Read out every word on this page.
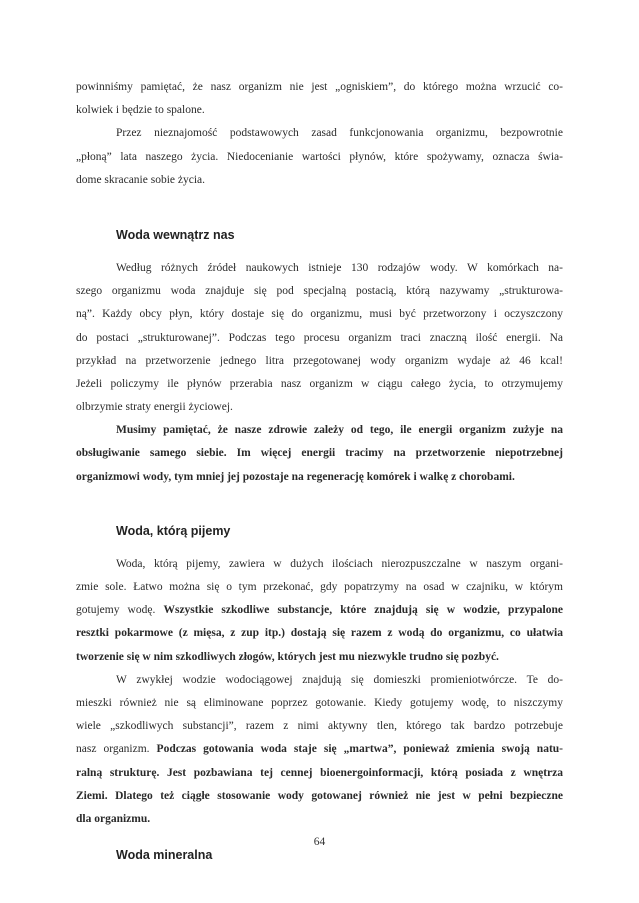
powinniśmy pamiętać, że nasz organizm nie jest „ogniskiem”, do którego można wrzucić co-
kolwiek i będzie to spalone.
Przez nieznajomość podstawowych zasad funkcjonowania organizmu, bezpowrotnie
„płoną” lata naszego życia. Niedocenianie wartości płynów, które spożywamy, oznacza świa-
dome skracanie sobie życia.
Woda wewnątrz nas
Według różnych źródeł naukowych istnieje 130 rodzajów wody. W komórkach na-
szego organizmu woda znajduje się pod specjalną postacią, którą nazywamy „strukturowa-
ną”. Każdy obcy płyn, który dostaje się do organizmu, musi być przetworzony i oczyszczony
do postaci „strukturowanej”. Podczas tego procesu organizm traci znaczną ilość energii. Na
przykład na przetworzenie jednego litra przegotowanej wody organizm wydaje aż 46 kcal!
Jeżeli policzymy ile płynów przerabia nasz organizm w ciągu całego życia, to otrzymujemy
olbrzymie straty energii życiowej.
Musimy pamiętać, że nasze zdrowie zależy od tego, ile energii organizm zużyje na
obsługiwanie samego siebie. Im więcej energii tracimy na przetworzenie niepotrzebnej
organizmowi wody, tym mniej jej pozostaje na regenerację komórek i walkę z chorobami.
Woda, którą pijemy
Woda, którą pijemy, zawiera w dużych ilościach nierozpuszczalne w naszym organi-
zmie sole. Łatwo można się o tym przekonać, gdy popatrzymy na osad w czajniku, w którym
gotujemy wodę. Wszystkie szkodliwe substancje, które znajdują się w wodzie, przypalone
resztki pokarmowe (z mięsa, z zup itp.) dostają się razem z wodą do organizmu, co ułatwia
tworzenie się w nim szkodliwych złogów, których jest mu niezwykle trudno się pozbyć.
W zwykłej wodzie wodociągowej znajdują się domieszki promieniotwórcze. Te do-
mieszki również nie są eliminowane poprzez gotowanie. Kiedy gotujemy wodę, to niszczymy
wiele „szkodliwych substancji”, razem z nimi aktywny tlen, którego tak bardzo potrzebuje
nasz organizm. Podczas gotowania woda staje się „martwa”, ponieważ zmienia swoją natu-
ralną strukturę. Jest pozbawiana tej cennej bioenergoinformacji, którą posiada z wnętrza
Ziemi. Dlatego też ciągłe stosowanie wody gotowanej również nie jest w pełni bezpieczne
dla organizmu.
Woda mineralna
64
